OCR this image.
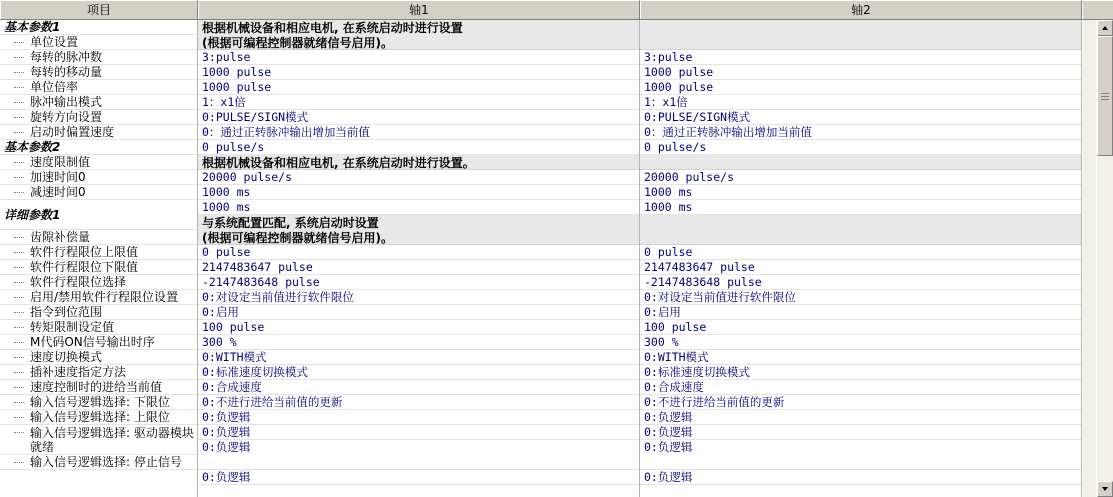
项目	轴1	轴2
基本参数1
单位设置
每转的脉冲数
每转的移动量
单位倍率
脉冲输出模式
旋转方向设置
启动时偏置速度
基本参数2
速度限制值
加速时间0
减速时间0
详细参数1
齿隙补偿量
软件行程限位上限值
软件行程限位下限值
软件行程限位选择
启用/禁用软件行程限位设置
指令到位范围
转矩限制设定值
M代码ON信号输出时序
速度切换模式
插补速度指定方法
速度控制时的进给当前值
输入信号逻辑选择: 下限位
输入信号逻辑选择: 上限位
输入信号逻辑选择: 驱动器模块就绪
输入信号逻辑选择: 停止信号
根据机械设备和相应电机, 在系统启动时进行设置
(根据可编程控制器就绪信号启用)。
3:pulse
1000 pulse
1000 pulse
1：x1倍
0:PULSE/SIGN模式
0：通过正转脉冲输出增加当前值
0 pulse/s
根据机械设备和相应电机, 在系统启动时进行设置。
20000 pulse/s
1000 ms
1000 ms
与系统配置匹配, 系统启动时设置
(根据可编程控制器就绪信号启用)。
0 pulse
2147483647 pulse
-2147483648 pulse
0:对设定当前值进行软件限位
0:启用
100 pulse
300 %
0:WITH模式
0:标准速度切换模式
0:合成速度
0:不进行进给当前值的更新
0:负逻辑
0:负逻辑
0:负逻辑
0:负逻辑
3:pulse
1000 pulse
1000 pulse
1：x1倍
0:PULSE/SIGN模式
0：通过正转脉冲输出增加当前值
0 pulse/s
20000 pulse/s
1000 ms
1000 ms
0 pulse
2147483647 pulse
-2147483648 pulse
0:对设定当前值进行软件限位
0:启用
100 pulse
300 %
0:WITH模式
0:标准速度切换模式
0:合成速度
0:不进行进给当前值的更新
0:负逻辑
0:负逻辑
0:负逻辑
0:负逻辑
